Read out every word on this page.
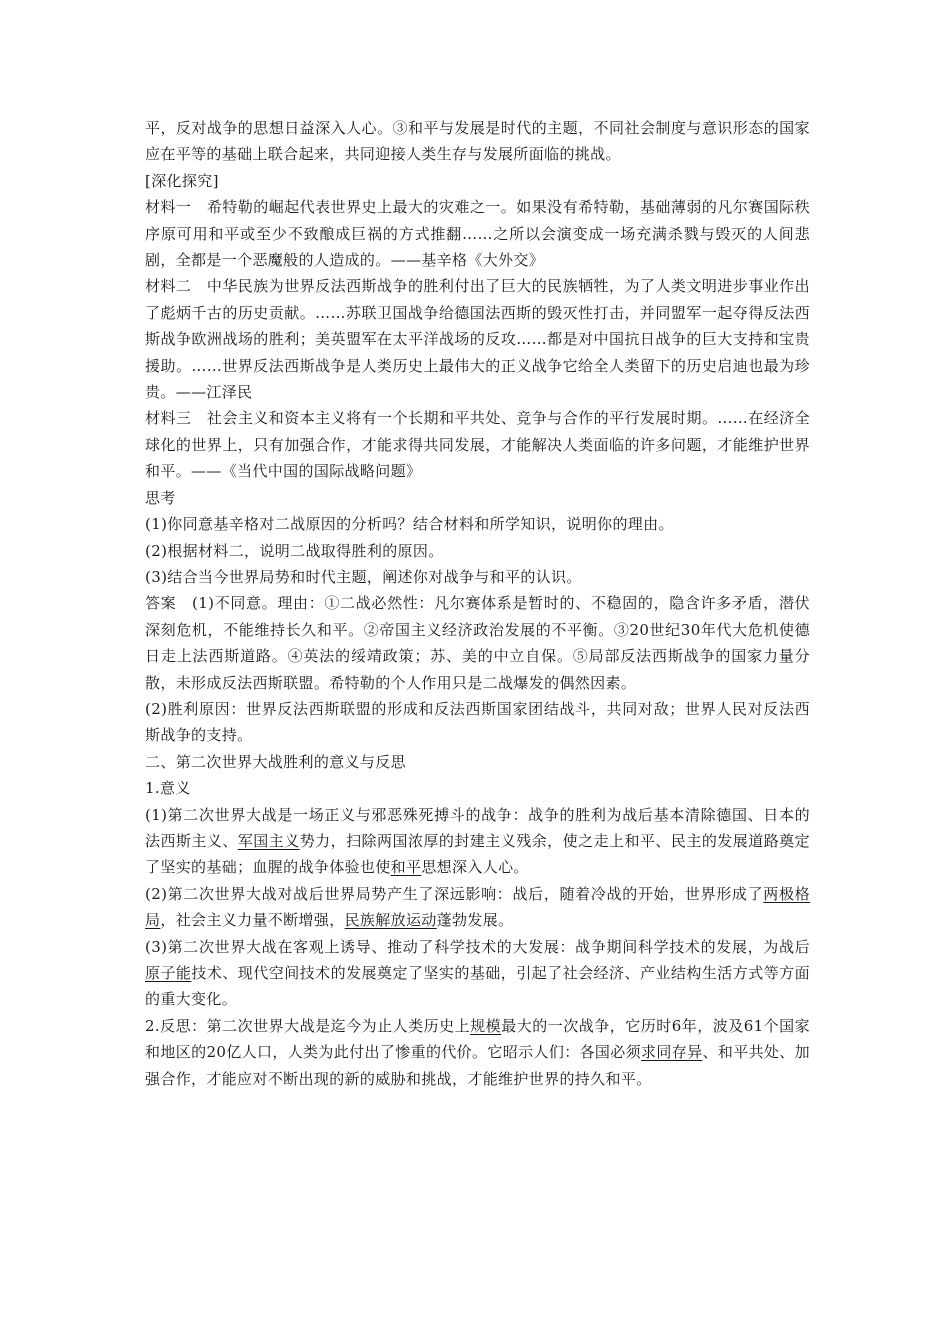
平，反对战争的思想日益深入人心。③和平与发展是时代的主题，不同社会制度与意识形态的国家应在平等的基础上联合起来，共同迎接人类生存与发展所面临的挑战。

[深化探究]

材料一　希特勒的崛起代表世界史上最大的灾难之一。如果没有希特勒，基础薄弱的凡尔赛国际秩序原可用和平或至少不致酿成巨祸的方式推翻……之所以会演变成一场充满杀戮与毁灭的人间悲剧，全都是一个恶魔般的人造成的。——基辛格《大外交》

材料二　中华民族为世界反法西斯战争的胜利付出了巨大的民族牺牲，为了人类文明进步事业作出了彪炳千古的历史贡献。……苏联卫国战争给德国法西斯的毁灭性打击，并同盟军一起夺得反法西斯战争欧洲战场的胜利；美英盟军在太平洋战场的反攻……都是对中国抗日战争的巨大支持和宝贵援助。……世界反法西斯战争是人类历史上最伟大的正义战争它给全人类留下的历史启迪也最为珍贵。——江泽民

材料三　社会主义和资本主义将有一个长期和平共处、竞争与合作的平行发展时期。……在经济全球化的世界上，只有加强合作，才能求得共同发展，才能解决人类面临的许多问题，才能维护世界和平。——《当代中国的国际战略问题》

思考

(1)你同意基辛格对二战原因的分析吗？结合材料和所学知识，说明你的理由。

(2)根据材料二，说明二战取得胜利的原因。

(3)结合当今世界局势和时代主题，阐述你对战争与和平的认识。

答案　(1)不同意。理由：①二战必然性：凡尔赛体系是暂时的、不稳固的，隐含许多矛盾，潜伏深刻危机，不能维持长久和平。②帝国主义经济政治发展的不平衡。③20世纪30年代大危机使德日走上法西斯道路。④英法的绥靖政策；苏、美的中立自保。⑤局部反法西斯战争的国家力量分散，未形成反法西斯联盟。希特勒的个人作用只是二战爆发的偶然因素。

(2)胜利原因：世界反法西斯联盟的形成和反法西斯国家团结战斗，共同对敌；世界人民对反法西斯战争的支持。

二、第二次世界大战胜利的意义与反思

1.意义

(1)第二次世界大战是一场正义与邪恶殊死搏斗的战争：战争的胜利为战后基本清除德国、日本的法西斯主义、军国主义势力，扫除两国浓厚的封建主义残余，使之走上和平、民主的发展道路奠定了坚实的基础；血腥的战争体验也使和平思想深入人心。

(2)第二次世界大战对战后世界局势产生了深远影响：战后，随着冷战的开始，世界形成了两极格局，社会主义力量不断增强，民族解放运动蓬勃发展。

(3)第二次世界大战在客观上诱导、推动了科学技术的大发展：战争期间科学技术的发展，为战后原子能技术、现代空间技术的发展奠定了坚实的基础，引起了社会经济、产业结构生活方式等方面的重大变化。

2.反思：第二次世界大战是迄今为止人类历史上规模最大的一次战争，它历时6年，波及61个国家和地区的20亿人口，人类为此付出了惨重的代价。它昭示人们：各国必须求同存异、和平共处、加强合作，才能应对不断出现的新的威胁和挑战，才能维护世界的持久和平。
